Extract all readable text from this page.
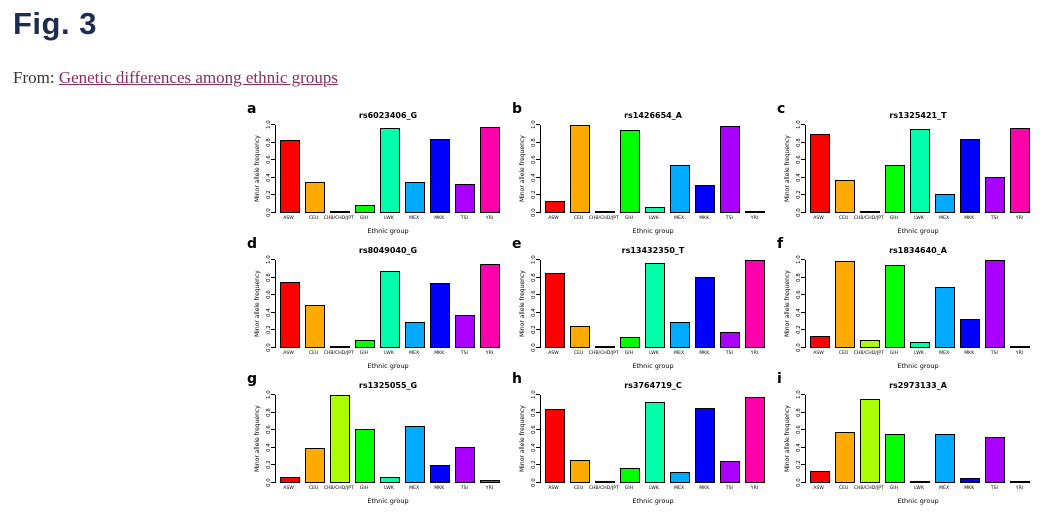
Fig. 3
From: Genetic differences among ethnic groups
a	rs6023406_G
Minor allele frequency
0.0
0.2
0.4
0.6
0.8
1.0
ASW	CEU CHB/CHD/JPT GIH	LWK	MEX	MKK	TSI	YRI
Ethnic group
b	rs1426654_A
Minor allele frequency
0.0
0.2
0.4
0.6
0.8
1.0
ASW	CEU CHB/CHD/JPT GIH	LWK	MEX	MKK	TSI	YRI
Ethnic group
c	rs1325421_T
Minor allele frequency
0.0
0.2
0.4
0.6
0.8
1.0
ASW	CEU CHB/CHD/JPT GIH	LWK	MEX	MKK	TSI	YRI
Ethnic group
d	rs8049040_G
Minor allele frequency
0.0
0.2
0.4
0.6
0.8
1.0
ASW	CEU CHB/CHD/JPT GIH	LWK	MEX	MKK	TSI	YRI
Ethnic group
e	rs13432350_T
Minor allele frequency
0.0
0.2
0.4
0.6
0.8
1.0
ASW	CEU CHB/CHD/JPT GIH	LWK	MEX	MKK	TSI	YRI
Ethnic group
f	rs1834640_A
Minor allele frequency
0.0
0.2
0.4
0.6
0.8
1.0
ASW	CEU CHB/CHD/JPT GIH	LWK	MEX	MKK	TSI	YRI
Ethnic group
g	rs1325055_G
Minor allele frequency
0.0
0.2
0.4
0.6
0.8
1.0
ASW	CEU CHB/CHD/JPT GIH	LWK	MEX	MKK	TSI	YRI
Ethnic group
h	rs3764719_C
Minor allele frequency
0.0
0.2
0.4
0.6
0.8
1.0
ASW	CEU CHB/CHD/JPT GIH	LWK	MEX	MKK	TSI	YRI
Ethnic group
i	rs2973133_A
Minor allele frequency
0.0
0.2
0.4
0.6
0.8
1.0
ASW	CEU CHB/CHD/JPT GIH	LWK	MEX	MKK	TSI	YRI
Ethnic group
